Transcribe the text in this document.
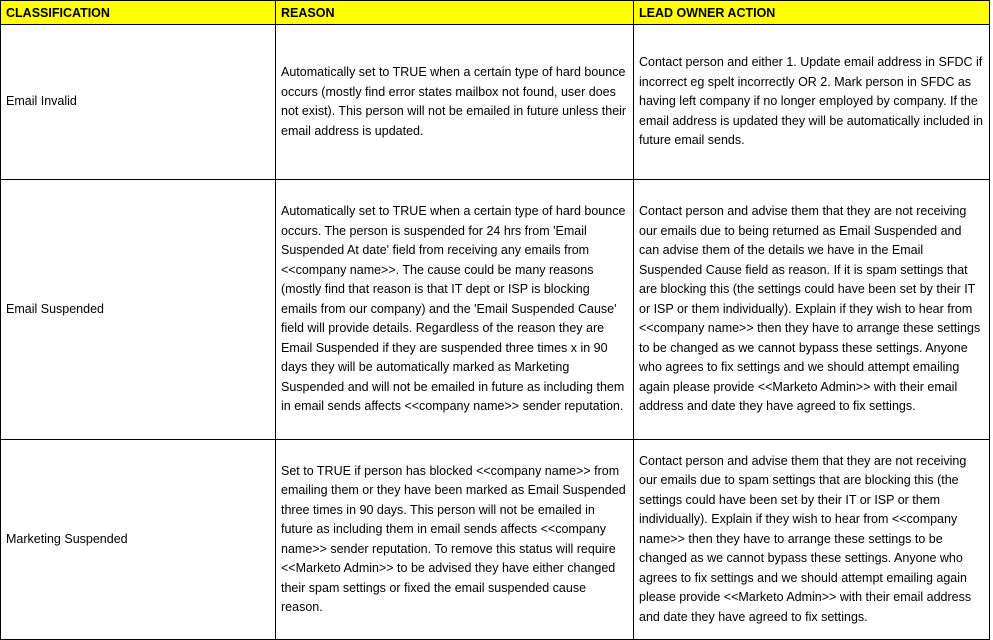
CLASSIFICATION	REASON	LEAD OWNER ACTION
Email Invalid	Automatically set to TRUE when a certain type of hard bounce occurs (mostly find error states mailbox not found, user does not exist). This person will not be emailed in future unless their email address is updated.	Contact person and either 1. Update email address in SFDC if incorrect eg spelt incorrectly OR 2. Mark person in SFDC as having left company if no longer employed by company. If the email address is updated they will be automatically included in future email sends.
Email Suspended	Automatically set to TRUE when a certain type of hard bounce occurs. The person is suspended for 24 hrs from 'Email Suspended At date' field from receiving any emails from <<company name>>. The cause could be many reasons (mostly find that reason is that IT dept or ISP is blocking emails from our company) and the 'Email Suspended Cause' field will provide details. Regardless of the reason they are Email Suspended if they are suspended three times x in 90 days they will be automatically marked as Marketing Suspended and will not be emailed in future as including them in email sends affects <<company name>> sender reputation.	Contact person and advise them that they are not receiving our emails due to being returned as Email Suspended and can advise them of the details we have in the Email Suspended Cause field as reason. If it is spam settings that are blocking this (the settings could have been set by their IT or ISP or them individually). Explain if they wish to hear from <<company name>> then they have to arrange these settings to be changed as we cannot bypass these settings. Anyone who agrees to fix settings and we should attempt emailing again please provide <<Marketo Admin>> with their email address and date they have agreed to fix settings.
Marketing Suspended	Set to TRUE if person has blocked <<company name>> from emailing them or they have been marked as Email Suspended three times in 90 days. This person will not be emailed in future as including them in email sends affects <<company name>> sender reputation. To remove this status will require <<Marketo Admin>> to be advised they have either changed their spam settings or fixed the email suspended cause reason.	Contact person and advise them that they are not receiving our emails due to spam settings that are blocking this (the settings could have been set by their IT or ISP or them individually). Explain if they wish to hear from <<company name>> then they have to arrange these settings to be changed as we cannot bypass these settings. Anyone who agrees to fix settings and we should attempt emailing again please provide <<Marketo Admin>> with their email address and date they have agreed to fix settings.
